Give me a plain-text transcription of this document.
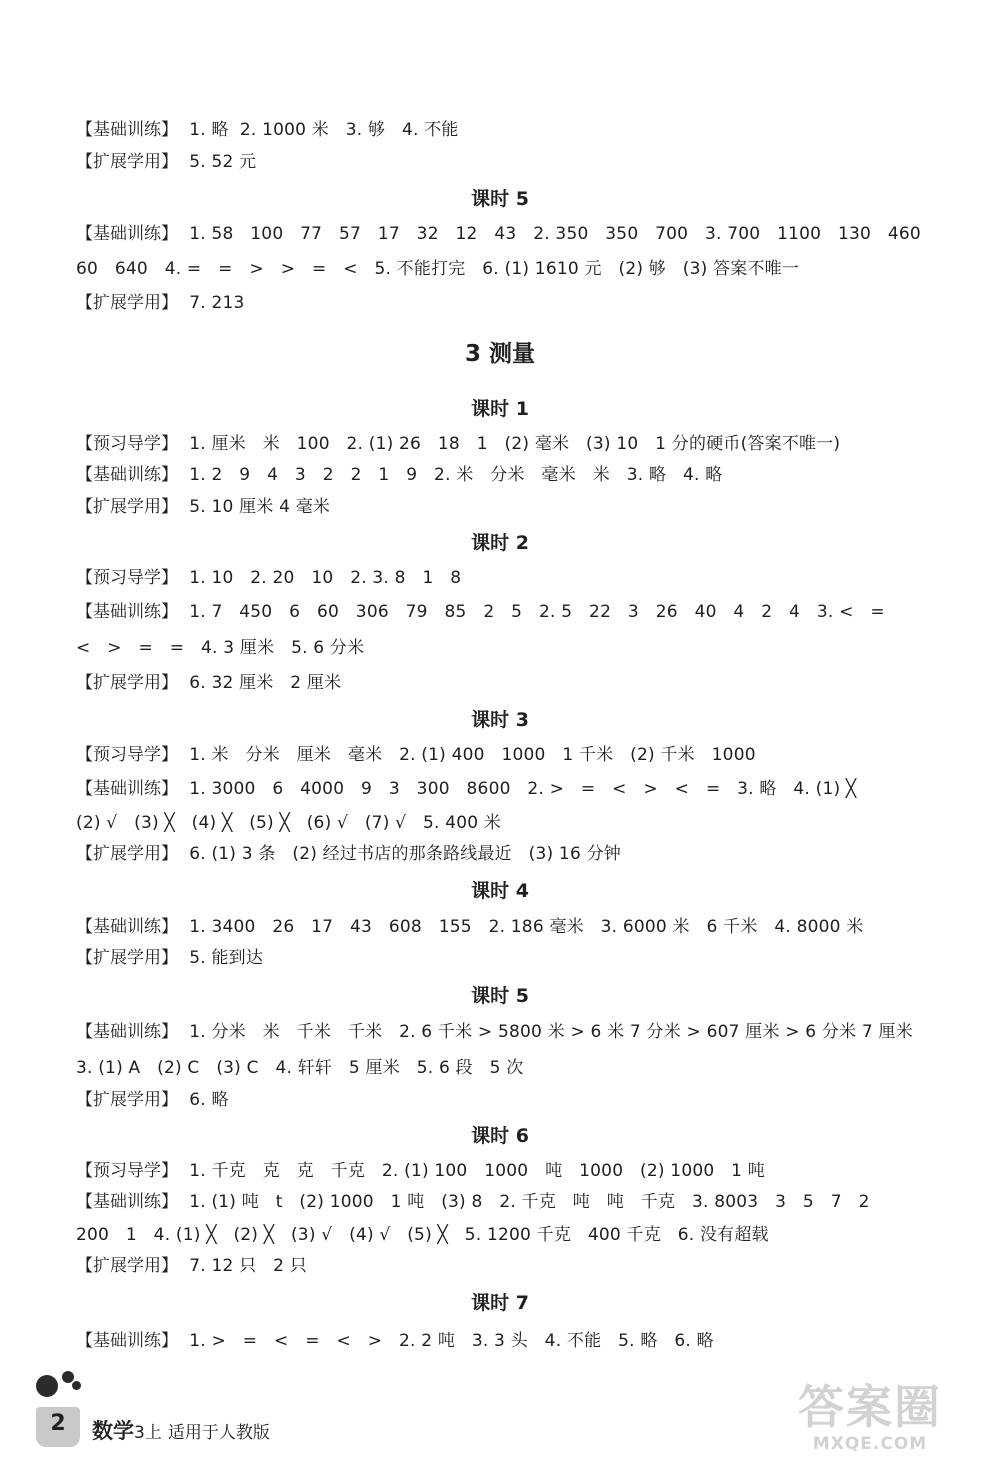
【基础训练】 1. 略  2. 1000 米   3. 够   4. 不能
【扩展学用】 5. 52 元
课时 5
【基础训练】 1. 58   100   77   57   17   32   12   43   2. 350   350   700   3. 700   1100   130   460
60   640   4. =   =   >   >   =   <   5. 不能打完   6. (1) 1610 元   (2) 够   (3) 答案不唯一
【扩展学用】 7. 213
3 测量
课时 1
【预习导学】 1. 厘米   米   100   2. (1) 26   18   1   (2) 毫米   (3) 10   1 分的硬币(答案不唯一)
【基础训练】 1. 2   9   4   3   2   2   1   9   2. 米   分米   毫米   米   3. 略   4. 略
【扩展学用】 5. 10 厘米 4 毫米
课时 2
【预习导学】 1. 10   2. 20   10   2. 3. 8   1   8
【基础训练】 1. 7   450   6   60   306   79   85   2   5   2. 5   22   3   26   40   4   2   4   3. <   =
<   >   =   =   4. 3 厘米   5. 6 分米
【扩展学用】 6. 32 厘米   2 厘米
课时 3
【预习导学】 1. 米   分米   厘米   毫米   2. (1) 400   1000   1 千米   (2) 千米   1000
【基础训练】 1. 3000   6   4000   9   3   300   8600   2. >   =   <   >   <   =   3. 略   4. (1) ╳
(2) √   (3) ╳   (4) ╳   (5) ╳   (6) √   (7) √   5. 400 米
【扩展学用】 6. (1) 3 条   (2) 经过书店的那条路线最近   (3) 16 分钟
课时 4
【基础训练】 1. 3400   26   17   43   608   155   2. 186 毫米   3. 6000 米   6 千米   4. 8000 米
【扩展学用】 5. 能到达
课时 5
【基础训练】 1. 分米   米   千米   千米   2. 6 千米 > 5800 米 > 6 米 7 分米 > 607 厘米 > 6 分米 7 厘米
3. (1) A   (2) C   (3) C   4. 轩轩   5 厘米   5. 6 段   5 次
【扩展学用】 6. 略
课时 6
【预习导学】 1. 千克   克   克   千克   2. (1) 100   1000   吨   1000   (2) 1000   1 吨
【基础训练】 1. (1) 吨   t   (2) 1000   1 吨   (3) 8   2. 千克   吨   吨   千克   3. 8003   3   5   7   2
200   1   4. (1) ╳   (2) ╳   (3) √   (4) √   (5) ╳   5. 1200 千克   400 千克   6. 没有超载
【扩展学用】 7. 12 只   2 只
课时 7
【基础训练】 1. >   =   <   =   <   >   2. 2 吨   3. 3 头   4. 不能   5. 略   6. 略
2	数学3上 适用于人教版	答案圈
MXQE.COM
